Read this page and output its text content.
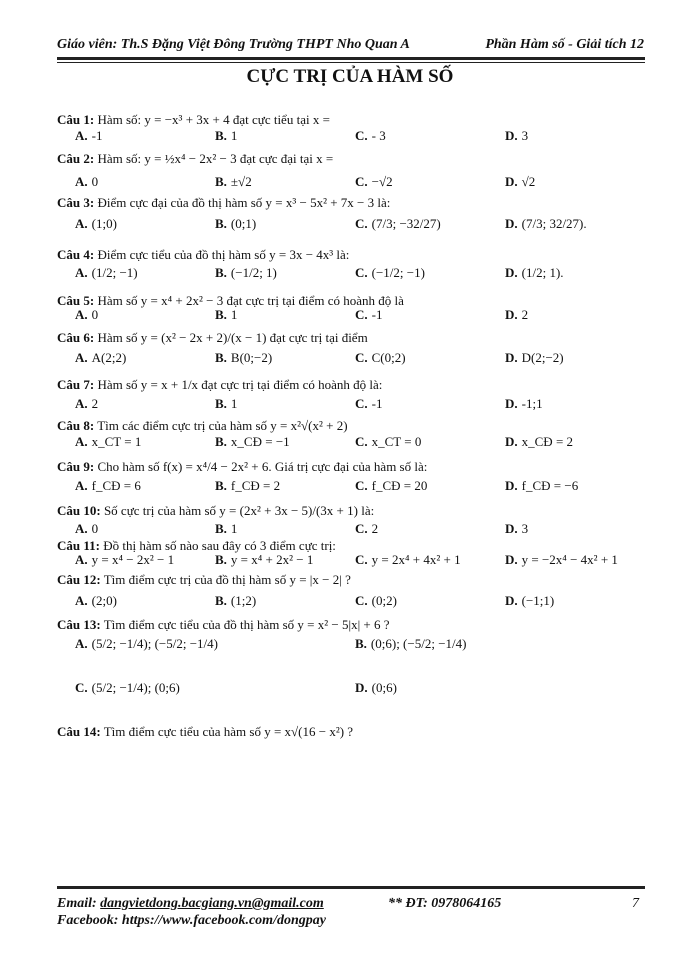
Giáo viên: Th.S Đặng Việt Đông Trường THPT Nho Quan A	Phần Hàm số - Giải tích 12
CỰC TRỊ CỦA HÀM SỐ
Câu 1: Hàm số: y = −x³ + 3x + 4 đạt cực tiểu tại x =
A. -1	B. 1	C. - 3	D. 3
Câu 2: Hàm số: y = ½x⁴ − 2x² − 3 đạt cực đại tại x =
A. 0	B. ±√2	C. −√2	D. √2
Câu 3: Điểm cực đại của đồ thị hàm số y = x³ − 5x² + 7x − 3 là:
A. (1;0)	B. (0;1)	C. (7/3; −32/27)	D. (7/3; 32/27).
Câu 4: Điểm cực tiểu của đồ thị hàm số y = 3x − 4x³ là:
A. (1/2; −1)	B. (−1/2; 1)	C. (−1/2; −1)	D. (1/2; 1).
Câu 5: Hàm số y = x⁴ + 2x² − 3 đạt cực trị tại điểm có hoành độ là
A. 0	B. 1	C. -1	D. 2
Câu 6: Hàm số y = (x² − 2x + 2)/(x − 1) đạt cực trị tại điểm
A. A(2;2)	B. B(0;−2)	C. C(0;2)	D. D(2;−2)
Câu 7: Hàm số y = x + 1/x đạt cực trị tại điểm có hoành độ là:
A. 2	B. 1	C. -1	D. -1;1
Câu 8: Tìm các điểm cực trị của hàm số y = x²√(x² + 2)
A. x_CT = 1	B. x_CĐ = −1	C. x_CT = 0	D. x_CĐ = 2
Câu 9: Cho hàm số f(x) = x⁴/4 − 2x² + 6. Giá trị cực đại của hàm số là:
A. f_CĐ = 6	B. f_CĐ = 2	C. f_CĐ = 20	D. f_CĐ = −6
Câu 10: Số cực trị của hàm số y = (2x² + 3x − 5)/(3x + 1) là:
A. 0	B. 1	C. 2	D. 3
Câu 11: Đồ thị hàm số nào sau đây có 3 điểm cực trị:
A. y = x⁴ − 2x² − 1	B. y = x⁴ + 2x² − 1	C. y = 2x⁴ + 4x² + 1	D. y = −2x⁴ − 4x² + 1
Câu 12: Tìm điểm cực trị của đồ thị hàm số y = |x − 2| ?
A. (2;0)	B. (1;2)	C. (0;2)	D. (−1;1)
Câu 13: Tìm điểm cực tiểu của đồ thị hàm số y = x² − 5|x| + 6 ?
A. (5/2; −1/4); (−5/2; −1/4)	B. (0;6); (−5/2; −1/4)
C. (5/2; −1/4); (0;6)	D. (0;6)
Câu 14: Tìm điểm cực tiểu của hàm số y = x√(16 − x²) ?
Email: dangvietdong.bacgiang.vn@gmail.com	** ĐT: 0978064165	7
Facebook: https://www.facebook.com/dongpay
